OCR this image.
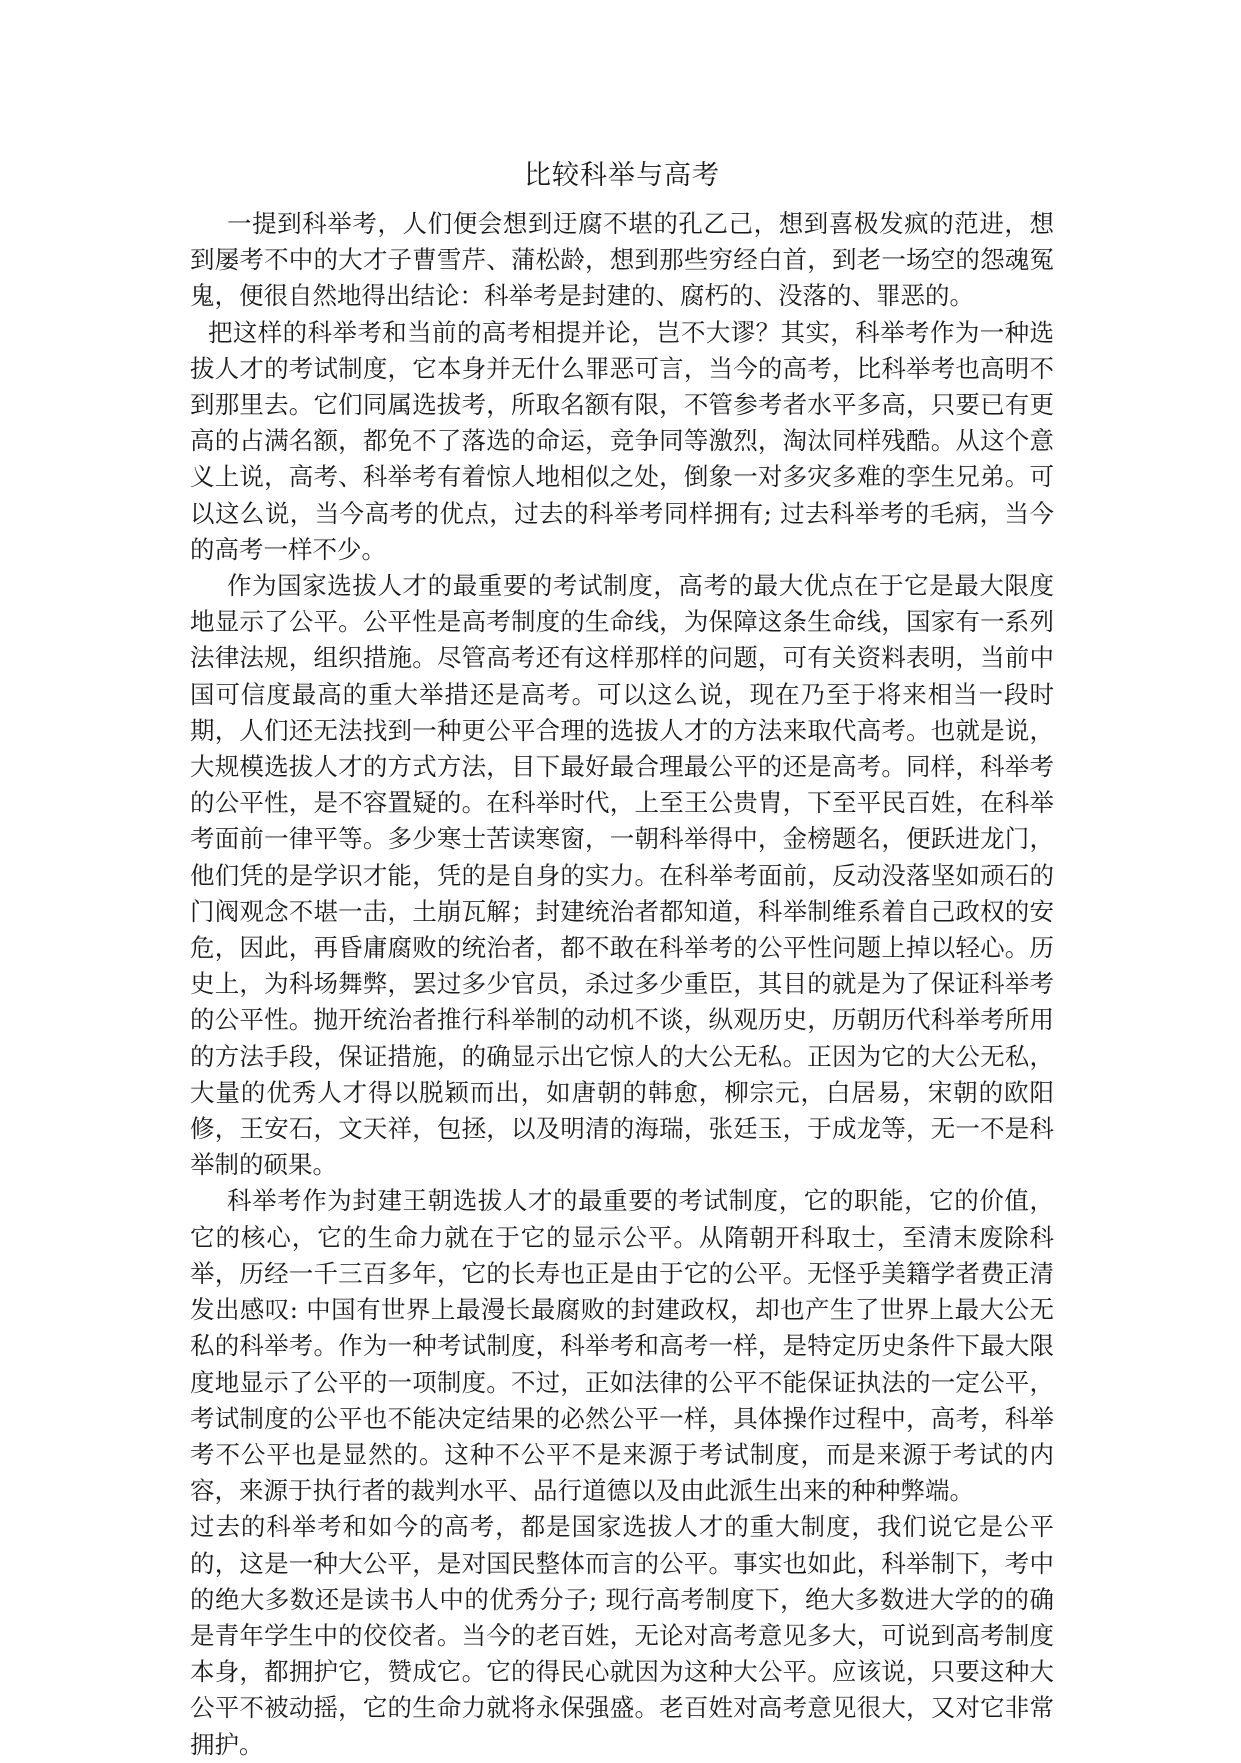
比较科举与高考

一提到科举考，人们便会想到迂腐不堪的孔乙己，想到喜极发疯的范进，想到屡考不中的大才子曹雪芹、蒲松龄，想到那些穷经白首，到老一场空的怨魂冤鬼，便很自然地得出结论：科举考是封建的、腐朽的、没落的、罪恶的。

把这样的科举考和当前的高考相提并论，岂不大谬？其实，科举考作为一种选拔人才的考试制度，它本身并无什么罪恶可言，当今的高考，比科举考也高明不到那里去。它们同属选拔考，所取名额有限，不管参考者水平多高，只要已有更高的占满名额，都免不了落选的命运，竞争同等激烈，淘汰同样残酷。从这个意义上说，高考、科举考有着惊人地相似之处，倒象一对多灾多难的孪生兄弟。可以这么说，当今高考的优点，过去的科举考同样拥有; 过去科举考的毛病，当今的高考一样不少。

作为国家选拔人才的最重要的考试制度，高考的最大优点在于它是最大限度地显示了公平。公平性是高考制度的生命线，为保障这条生命线，国家有一系列法律法规，组织措施。尽管高考还有这样那样的问题，可有关资料表明，当前中国可信度最高的重大举措还是高考。可以这么说，现在乃至于将来相当一段时期，人们还无法找到一种更公平合理的选拔人才的方法来取代高考。也就是说，大规模选拔人才的方式方法，目下最好最合理最公平的还是高考。同样，科举考的公平性，是不容置疑的。在科举时代，上至王公贵胄，下至平民百姓，在科举考面前一律平等。多少寒士苦读寒窗，一朝科举得中，金榜题名，便跃进龙门，他们凭的是学识才能，凭的是自身的实力。在科举考面前，反动没落坚如顽石的门阀观念不堪一击，土崩瓦解；封建统治者都知道，科举制维系着自己政权的安危，因此，再昏庸腐败的统治者，都不敢在科举考的公平性问题上掉以轻心。历史上，为科场舞弊，罢过多少官员，杀过多少重臣，其目的就是为了保证科举考的公平性。抛开统治者推行科举制的动机不谈，纵观历史，历朝历代科举考所用的方法手段，保证措施，的确显示出它惊人的大公无私。正因为它的大公无私，大量的优秀人才得以脱颖而出，如唐朝的韩愈，柳宗元，白居易，宋朝的欧阳修，王安石，文天祥，包拯，以及明清的海瑞，张廷玉，于成龙等，无一不是科举制的硕果。

科举考作为封建王朝选拔人才的最重要的考试制度，它的职能，它的价值，它的核心，它的生命力就在于它的显示公平。从隋朝开科取士，至清末废除科举，历经一千三百多年，它的长寿也正是由于它的公平。无怪乎美籍学者费正清发出感叹: 中国有世界上最漫长最腐败的封建政权，却也产生了世界上最大公无私的科举考。作为一种考试制度，科举考和高考一样，是特定历史条件下最大限度地显示了公平的一项制度。不过，正如法律的公平不能保证执法的一定公平，考试制度的公平也不能决定结果的必然公平一样，具体操作过程中，高考，科举考不公平也是显然的。这种不公平不是来源于考试制度，而是来源于考试的内容，来源于执行者的裁判水平、品行道德以及由此派生出来的种种弊端。

过去的科举考和如今的高考，都是国家选拔人才的重大制度，我们说它是公平的，这是一种大公平，是对国民整体而言的公平。事实也如此，科举制下，考中的绝大多数还是读书人中的优秀分子; 现行高考制度下，绝大多数进大学的的确是青年学生中的佼佼者。当今的老百姓，无论对高考意见多大，可说到高考制度本身，都拥护它，赞成它。它的得民心就因为这种大公平。应该说，只要这种大公平不被动摇，它的生命力就将永保强盛。老百姓对高考意见很大，又对它非常拥护。
